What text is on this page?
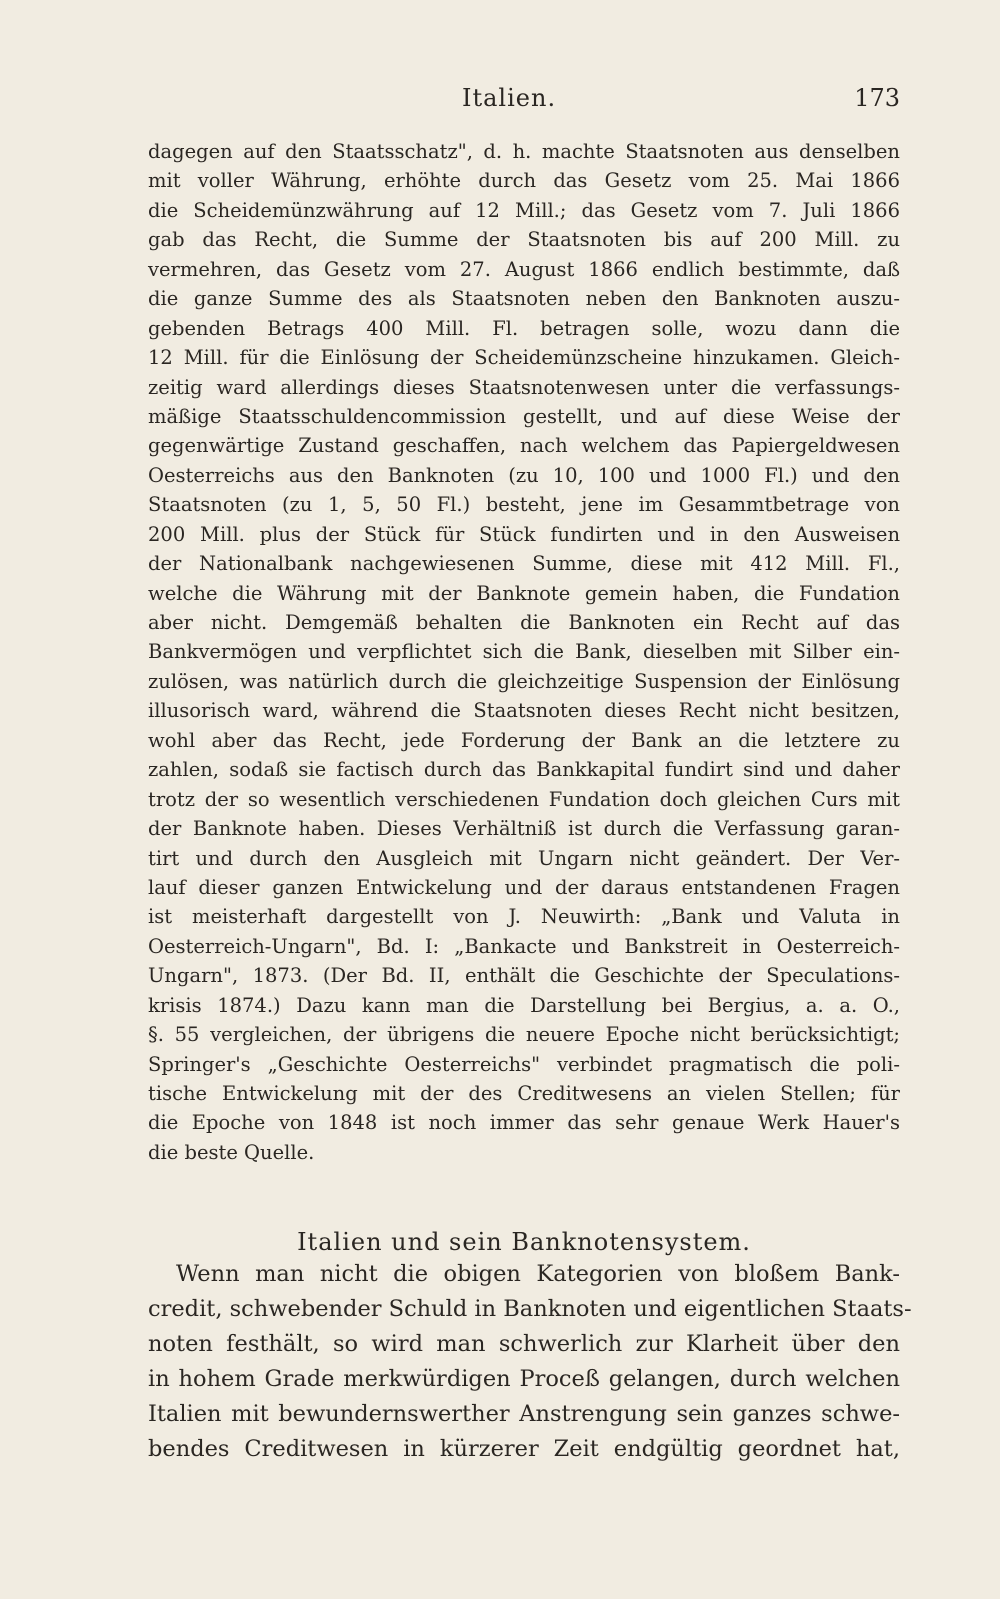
Italien.	173
dagegen auf den Staatsschatz", d. h. machte Staatsnoten aus denselben
mit voller Währung, erhöhte durch das Gesetz vom 25. Mai 1866
die Scheidemünzwährung auf 12 Mill.; das Gesetz vom 7. Juli 1866
gab das Recht, die Summe der Staatsnoten bis auf 200 Mill. zu
vermehren, das Gesetz vom 27. August 1866 endlich bestimmte, daß
die ganze Summe des als Staatsnoten neben den Banknoten auszu-
gebenden Betrags 400 Mill. Fl. betragen solle, wozu dann die
12 Mill. für die Einlösung der Scheidemünzscheine hinzukamen. Gleich-
zeitig ward allerdings dieses Staatsnotenwesen unter die verfassungs-
mäßige Staatsschuldencommission gestellt, und auf diese Weise der
gegenwärtige Zustand geschaffen, nach welchem das Papiergeldwesen
Oesterreichs aus den Banknoten (zu 10, 100 und 1000 Fl.) und den
Staatsnoten (zu 1, 5, 50 Fl.) besteht, jene im Gesammtbetrage von
200 Mill. plus der Stück für Stück fundirten und in den Ausweisen
der Nationalbank nachgewiesenen Summe, diese mit 412 Mill. Fl.,
welche die Währung mit der Banknote gemein haben, die Fundation
aber nicht. Demgemäß behalten die Banknoten ein Recht auf das
Bankvermögen und verpflichtet sich die Bank, dieselben mit Silber ein-
zulösen, was natürlich durch die gleichzeitige Suspension der Einlösung
illusorisch ward, während die Staatsnoten dieses Recht nicht besitzen,
wohl aber das Recht, jede Forderung der Bank an die letztere zu
zahlen, sodaß sie factisch durch das Bankkapital fundirt sind und daher
trotz der so wesentlich verschiedenen Fundation doch gleichen Curs mit
der Banknote haben. Dieses Verhältniß ist durch die Verfassung garan-
tirt und durch den Ausgleich mit Ungarn nicht geändert. Der Ver-
lauf dieser ganzen Entwickelung und der daraus entstandenen Fragen
ist meisterhaft dargestellt von J. Neuwirth: „Bank und Valuta in
Oesterreich-Ungarn", Bd. I: „Bankacte und Bankstreit in Oesterreich-
Ungarn", 1873. (Der Bd. II, enthält die Geschichte der Speculations-
krisis 1874.) Dazu kann man die Darstellung bei Bergius, a. a. O.,
§. 55 vergleichen, der übrigens die neuere Epoche nicht berücksichtigt;
Springer's „Geschichte Oesterreichs" verbindet pragmatisch die poli-
tische Entwickelung mit der des Creditwesens an vielen Stellen; für
die Epoche von 1848 ist noch immer das sehr genaue Werk Hauer's
die beste Quelle.
Italien und sein Banknotensystem.
Wenn man nicht die obigen Kategorien von bloßem Bank-
credit, schwebender Schuld in Banknoten und eigentlichen Staats-
noten festhält, so wird man schwerlich zur Klarheit über den
in hohem Grade merkwürdigen Proceß gelangen, durch welchen
Italien mit bewundernswerther Anstrengung sein ganzes schwe-
bendes Creditwesen in kürzerer Zeit endgültig geordnet hat,
